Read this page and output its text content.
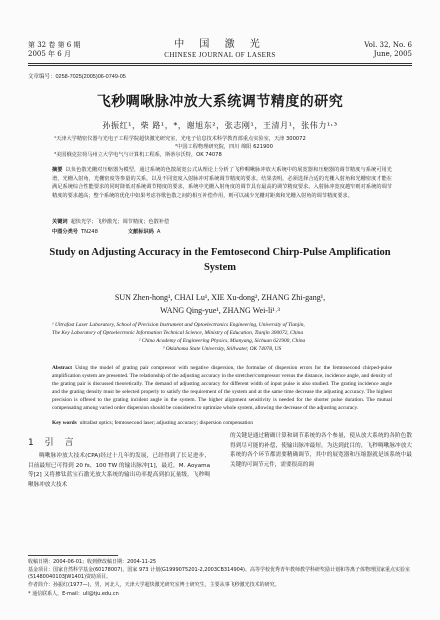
第 32 卷 第 6 期
2005 年 6 月
中 国 激 光
CHINESE JOURNAL OF LASERS
Vol. 32, No. 6
June, 2005
文章编号：0258-7025(2005)06-0749-05
飞秒啁啾脉冲放大系统调节精度的研究
孙振红¹，柴 路¹，*，谢旭东²，张志刚¹，王清月¹，张伟力¹˒³
¹天津大学精密仪器与光电子工程学院超快激光研究室，光电子信息技术科学教育部重点实验室，天津 300072
²中国工程物理研究院，四川 绵阳 621900
³美国俄克拉荷马州立大学电气与计算机工程系，斯蒂尔沃特，OK 74078
摘要 以负色散光栅对压缩器为模型，通过系统的色散展宽公式从理论上分析了飞秒啁啾脉冲放大系统中的展宽器和压缩器的调节精度与系统可用光谱，光栅入射角，光栅密度等参量的关系，以及不同宽度入射脉冲对系统调节精度的要求。结果表明，必须选择合适的光栅入射角和光栅密度才能在满足系统综合性能要求的同时降低对系统调节精度的要求，系统中光栅入射角度的调节具有最高的调节精度要求。入射脉冲宽度越窄则对系统的调节精度的要求越高；整个系统的优化中如果考虑谷歌色散之间的相互补偿作用，则可以减少光栅对距离和光栅入射角的调节精度要求。
关键词 超快光学；飞秒激光；调节精度；色散补偿
中图分类号 TN248	文献标识码 A
Study on Adjusting Accuracy in the Femtosecond Chirp-Pulse Amplification System
SUN Zhen-hong¹, CHAI Lu¹, XIE Xu-dong², ZHANG Zhi-gang¹,
WANG Qing-yue¹, ZHANG Wei-li¹˒³
¹ Ultrafast Laser Laboratory, School of Precision Instrument and Optoelectronics Engineering, University of Tianjin,
The Key Laboratory of Optoelectronic Information Technical Science, Ministry of Education, Tianjin 300072, China
² China Academy of Engineering Physics, Mianyang, Sichuan 621900, China
³ Oklahoma State University, Stillwater, OK 74078, US
Abstract Using the model of grating pair compressor with negative dispersion, the formulae of dispersion errors for the femtosecond chirped-pulse amplification system are presented. The relationship of the adjusting accuracy in the stretcher/compressor versus the distance, incidence angle, and density of the grating pair is discussed theoretically. The demand of adjusting accuracy for different width of input pulse is also studied. The grating incidence angle and the grating density must be selected properly to satisfy the requirement of the system and at the same time decrease the adjusting accuracy. The highest precision is offered to the grating incident angle in the system. The higher alignment sensitivity is needed for the shorter pulse duration. The mutual compensating among varied order dispersion should be considered to optimize whole system, allowing the decrease of the adjusting accuracy.
Key words ultrafast optics; femtosecond laser; adjusting accuracy; dispersion compensation
1 引 言
啁啾脉冲放大技术(CPA)经过十几年的发展，已经得到了长足进步，目前最短已可得到 20 fs，100 TW 的输出脉冲[1]，最近，M. Aoyama 等[2] 又将掺钛蓝宝石激光放大系统的输出功率提高到拍瓦量级。飞秒啁啾脉冲放大技术
的关键是通过精确计算和调节系统的各个参量，使从放大系统的各阶色散得到尽可能的补偿，使输出脉冲最短。为达到此目的，飞秒啁啾脉冲放大系统的各个环节都需要精确调节，其中的展宽器和压缩器就是该系统中最关键的可调节元件，需要很高的调
收稿日期：2004-06-01；收到修改稿日期：2004-11-25
基金项目：国家自然科学基金(60178007)，国家 973 计划(G1999075201-2,2003CB314904)、高等学校优秀青年教师教学科研奖励计划和等离子体物理国家重点实验室(51480040103JW1401)资助项目。
作者简介：孙振红(1977—)，男，河北人，天津大学超快激光研究室博士研究生，主要从事飞秒激光技术的研究。
* 通信联系人，E-mail：ull@tju.edu.cn
